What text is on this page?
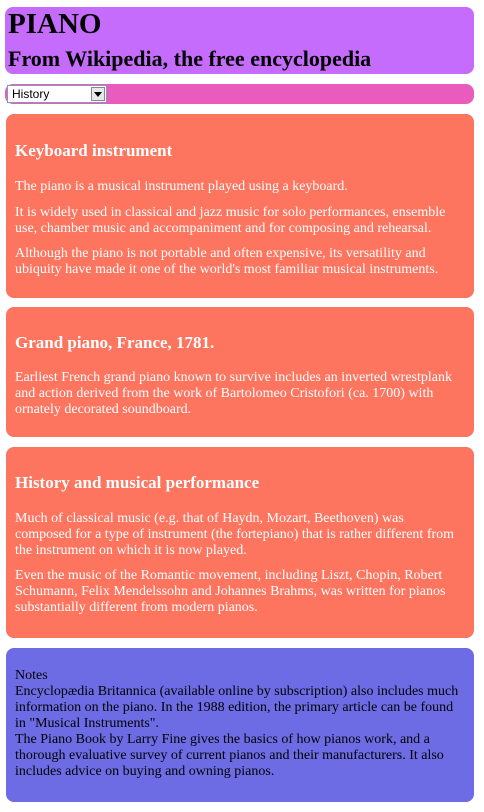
PIANO
From Wikipedia, the free encyclopedia
History
Keyboard instrument

The piano is a musical instrument played using a keyboard.

It is widely used in classical and jazz music for solo performances, ensemble use, chamber music and accompaniment and for composing and rehearsal.

Although the piano is not portable and often expensive, its versatility and ubiquity have made it one of the world's most familiar musical instruments.

Grand piano, France, 1781.

Earliest French grand piano known to survive includes an inverted wrestplank and action derived from the work of Bartolomeo Cristofori (ca. 1700) with ornately decorated soundboard.

History and musical performance

Much of classical music (e.g. that of Haydn, Mozart, Beethoven) was composed for a type of instrument (the fortepiano) that is rather different from the instrument on which it is now played.

Even the music of the Romantic movement, including Liszt, Chopin, Robert Schumann, Felix Mendelssohn and Johannes Brahms, was written for pianos substantially different from modern pianos.

Notes
Encyclopædia Britannica (available online by subscription) also includes much information on the piano. In the 1988 edition, the primary article can be found in "Musical Instruments".
The Piano Book by Larry Fine gives the basics of how pianos work, and a thorough evaluative survey of current pianos and their manufacturers. It also includes advice on buying and owning pianos.
